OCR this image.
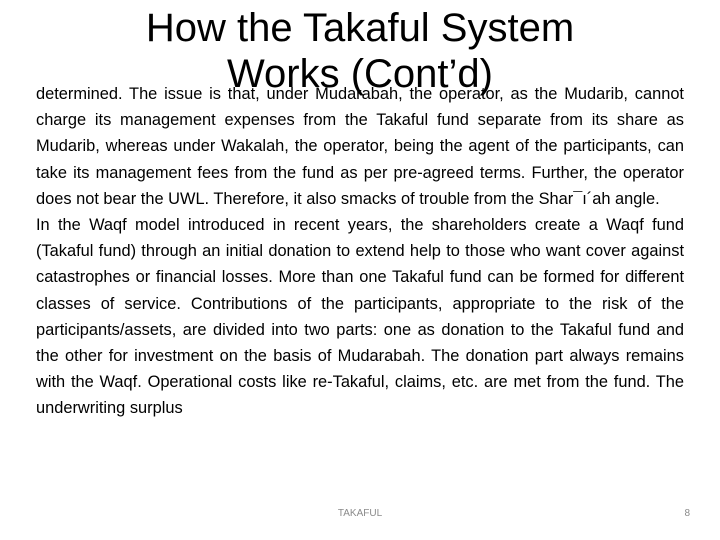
How the Takaful System
Works (Cont’d)

determined. The issue is that, under Mudarabah, the operator, as the Mudarib, cannot charge its management expenses from the Takaful fund separate from its share as Mudarib, whereas under Wakalah, the operator, being the agent of the participants, can take its management fees from the fund as per pre-agreed terms. Further, the operator does not bear the UWL. Therefore, it also smacks of trouble from the Shar¯ı´ah angle.

In the Waqf model introduced in recent years, the shareholders create a Waqf fund (Takaful fund) through an initial donation to extend help to those who want cover against catastrophes or financial losses. More than one Takaful fund can be formed for different classes of service. Contributions of the participants, appropriate to the risk of the participants/assets, are divided into two parts: one as donation to the Takaful fund and the other for investment on the basis of Mudarabah. The donation part always remains with the Waqf. Operational costs like re-Takaful, claims, etc. are met from the fund. The underwriting surplus

TAKAFUL	8
